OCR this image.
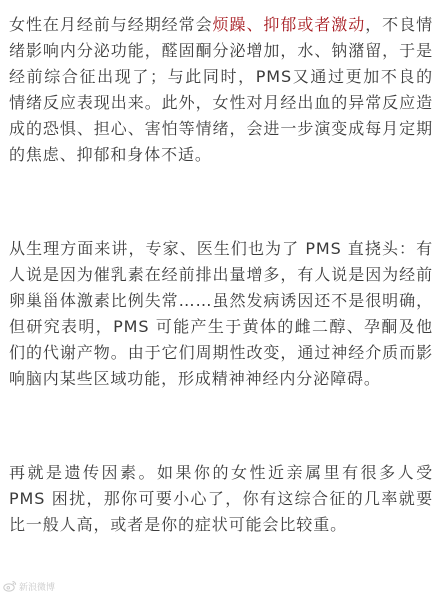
女性在月经前与经期经常会烦躁、抑郁或者激动，不良情绪影响内分泌功能，醛固酮分泌增加，水、钠潴留，于是经前综合征出现了；与此同时，PMS又通过更加不良的情绪反应表现出来。此外，女性对月经出血的异常反应造成的恐惧、担心、害怕等情绪，会进一步演变成每月定期的焦虑、抑郁和身体不适。

从生理方面来讲，专家、医生们也为了 PMS 直挠头：有人说是因为催乳素在经前排出量增多，有人说是因为经前卵巢甾体激素比例失常……虽然发病诱因还不是很明确，但研究表明，PMS 可能产生于黄体的雌二醇、孕酮及他们的代谢产物。由于它们周期性改变，通过神经介质而影响脑内某些区域功能，形成精神神经内分泌障碍。

再就是遗传因素。如果你的女性近亲属里有很多人受 PMS 困扰，那你可要小心了，你有这综合征的几率就要比一般人高，或者是你的症状可能会比较重。

新浪微博
